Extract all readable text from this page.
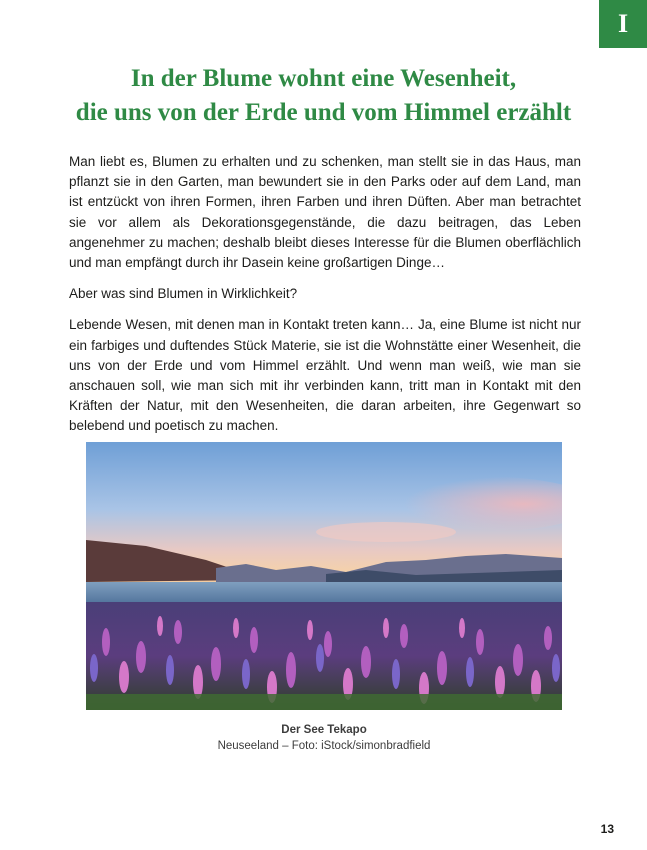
I
In der Blume wohnt eine Wesenheit,
die uns von der Erde und vom Himmel erzählt

Man liebt es, Blumen zu erhalten und zu schenken, man stellt sie in das Haus, man pflanzt sie in den Garten, man bewundert sie in den Parks oder auf dem Land, man ist entzückt von ihren Formen, ihren Farben und ihren Düften. Aber man betrachtet sie vor allem als Dekorationsgegenstände, die dazu beitragen, das Leben angenehmer zu machen; deshalb bleibt dieses Interesse für die Blumen oberflächlich und man empfängt durch ihr Dasein keine großartigen Dinge…

Aber was sind Blumen in Wirklichkeit?

Lebende Wesen, mit denen man in Kontakt treten kann… Ja, eine Blume ist nicht nur ein farbiges und duftendes Stück Materie, sie ist die Wohnstätte einer Wesenheit, die uns von der Erde und vom Himmel erzählt. Und wenn man weiß, wie man sie anschauen soll, wie man sich mit ihr verbinden kann, tritt man in Kontakt mit den Kräften der Natur, mit den Wesenheiten, die daran arbeiten, ihre Gegenwart so belebend und poetisch zu machen.

Der See Tekapo
Neuseeland – Foto: iStock/simonbradfield
13
